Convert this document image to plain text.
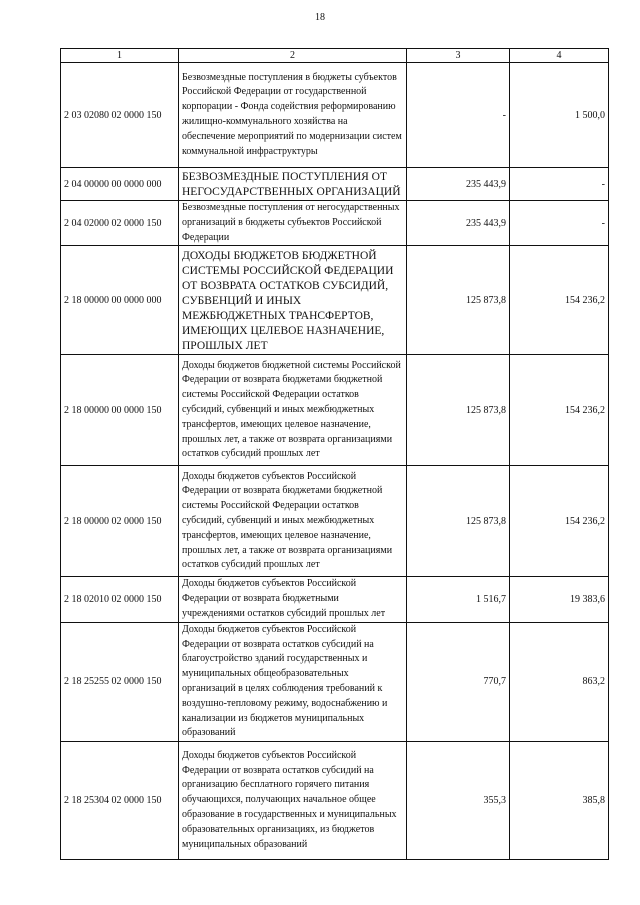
18
1	2	3	4
2 03 02080 02 0000 150	Безвозмездные поступления в бюджеты субъектов Российской Федерации от государственной корпорации - Фонда содействия реформированию жилищно-коммунального хозяйства на обеспечение мероприятий по модернизации систем коммунальной инфраструктуры	-	1 500,0
2 04 00000 00 0000 000	БЕЗВОЗМЕЗДНЫЕ ПОСТУПЛЕНИЯ ОТ НЕГОСУДАРСТВЕННЫХ ОРГАНИЗАЦИЙ	235 443,9	-
2 04 02000 02 0000 150	Безвозмездные поступления от негосударственных организаций в бюджеты субъектов Российской Федерации	235 443,9	-
2 18 00000 00 0000 000	ДОХОДЫ БЮДЖЕТОВ БЮДЖЕТНОЙ СИСТЕМЫ РОССИЙСКОЙ ФЕДЕРАЦИИ ОТ ВОЗВРАТА ОСТАТКОВ СУБСИДИЙ, СУБВЕНЦИЙ И ИНЫХ МЕЖБЮДЖЕТНЫХ ТРАНСФЕРТОВ, ИМЕЮЩИХ ЦЕЛЕВОЕ НАЗНАЧЕНИЕ, ПРОШЛЫХ ЛЕТ	125 873,8	154 236,2
2 18 00000 00 0000 150	Доходы бюджетов бюджетной системы Российской Федерации от возврата бюджетами бюджетной системы Российской Федерации остатков субсидий, субвенций и иных межбюджетных трансфертов, имеющих целевое назначение, прошлых лет, а также от возврата организациями остатков субсидий прошлых лет	125 873,8	154 236,2
2 18 00000 02 0000 150	Доходы бюджетов субъектов Российской Федерации от возврата бюджетами бюджетной системы Российской Федерации остатков субсидий, субвенций и иных межбюджетных трансфертов, имеющих целевое назначение, прошлых лет, а также от возврата организациями остатков субсидий прошлых лет	125 873,8	154 236,2
2 18 02010 02 0000 150	Доходы бюджетов субъектов Российской Федерации от возврата бюджетными учреждениями остатков субсидий прошлых лет	1 516,7	19 383,6
2 18 25255 02 0000 150	Доходы бюджетов субъектов Российской Федерации от возврата остатков субсидий на благоустройство зданий государственных и муниципальных общеобразовательных организаций в целях соблюдения требований к воздушно-тепловому режиму, водоснабжению и канализации из бюджетов муниципальных образований	770,7	863,2
2 18 25304 02 0000 150	Доходы бюджетов субъектов Российской Федерации от возврата остатков субсидий на организацию бесплатного горячего питания обучающихся, получающих начальное общее образование в государственных и муниципальных образовательных организациях, из бюджетов муниципальных образований	355,3	385,8
